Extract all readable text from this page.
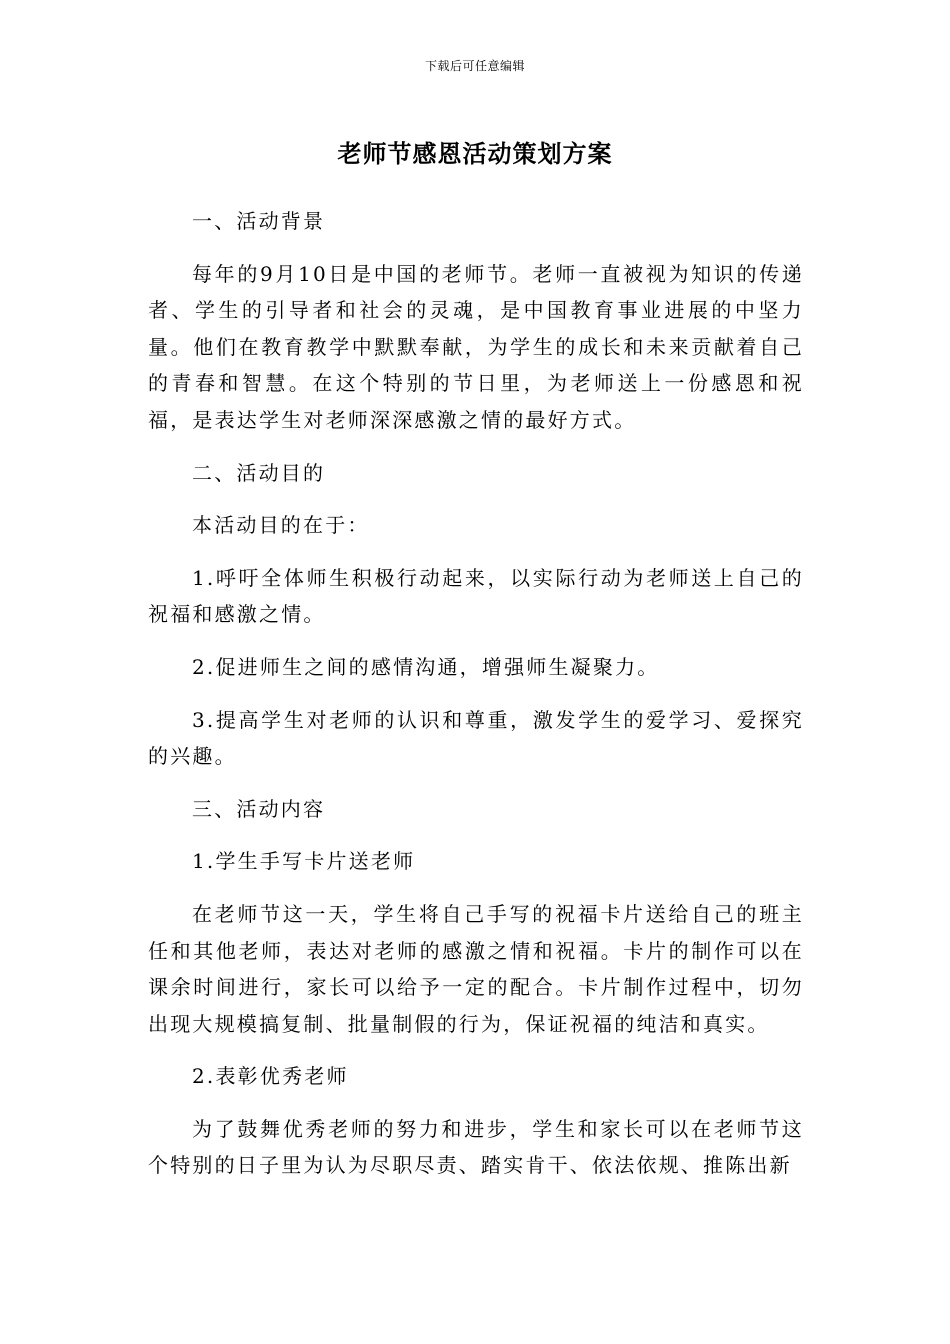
下载后可任意编辑
老师节感恩活动策划方案

一、活动背景

每年的9月10日是中国的老师节。老师一直被视为知识的传递者、学生的引导者和社会的灵魂，是中国教育事业进展的中坚力量。他们在教育教学中默默奉献，为学生的成长和未来贡献着自己的青春和智慧。在这个特别的节日里，为老师送上一份感恩和祝福，是表达学生对老师深深感激之情的最好方式。

二、活动目的

本活动目的在于：

1.呼吁全体师生积极行动起来，以实际行动为老师送上自己的祝福和感激之情。

2.促进师生之间的感情沟通，增强师生凝聚力。

3.提高学生对老师的认识和尊重，激发学生的爱学习、爱探究的兴趣。

三、活动内容

1.学生手写卡片送老师

在老师节这一天，学生将自己手写的祝福卡片送给自己的班主任和其他老师，表达对老师的感激之情和祝福。卡片的制作可以在课余时间进行，家长可以给予一定的配合。卡片制作过程中，切勿出现大规模搞复制、批量制假的行为，保证祝福的纯洁和真实。

2.表彰优秀老师

为了鼓舞优秀老师的努力和进步，学生和家长可以在老师节这个特别的日子里为认为尽职尽责、踏实肯干、依法依规、推陈出新
